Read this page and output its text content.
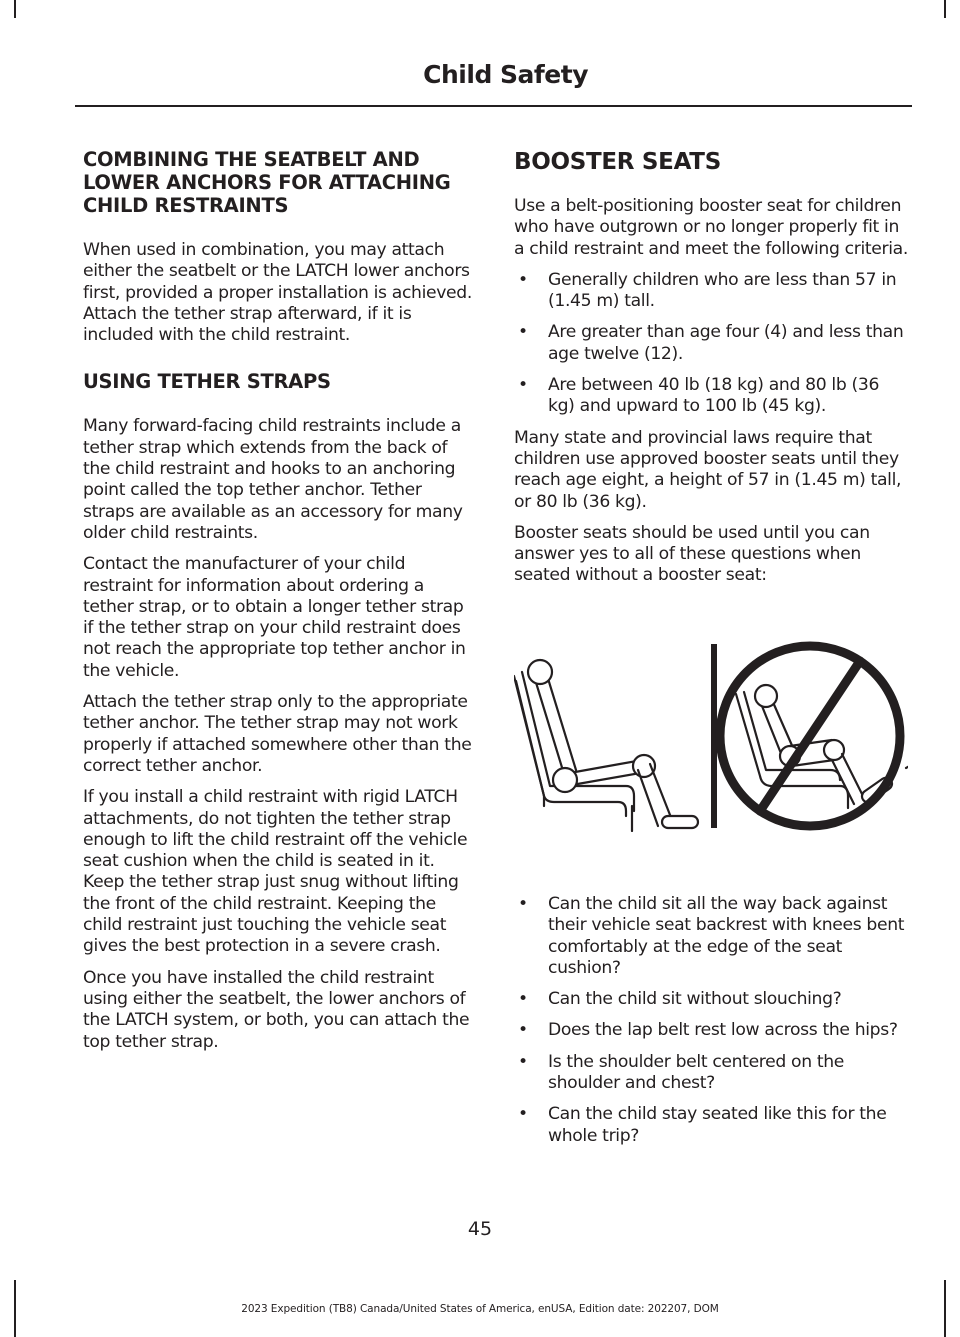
Child Safety
COMBINING THE SEATBELT AND LOWER ANCHORS FOR ATTACHING CHILD RESTRAINTS

When used in combination, you may attach either the seatbelt or the LATCH lower anchors first, provided a proper installation is achieved. Attach the tether strap afterward, if it is included with the child restraint.

USING TETHER STRAPS

Many forward-facing child restraints include a tether strap which extends from the back of the child restraint and hooks to an anchoring point called the top tether anchor. Tether straps are available as an accessory for many older child restraints.

Contact the manufacturer of your child restraint for information about ordering a tether strap, or to obtain a longer tether strap if the tether strap on your child restraint does not reach the appropriate top tether anchor in the vehicle.

Attach the tether strap only to the appropriate tether anchor. The tether strap may not work properly if attached somewhere other than the correct tether anchor.

If you install a child restraint with rigid LATCH attachments, do not tighten the tether strap enough to lift the child restraint off the vehicle seat cushion when the child is seated in it. Keep the tether strap just snug without lifting the front of the child restraint. Keeping the child restraint just touching the vehicle seat gives the best protection in a severe crash.

Once you have installed the child restraint using either the seatbelt, the lower anchors of the LATCH system, or both, you can attach the top tether strap.

BOOSTER SEATS

Use a belt-positioning booster seat for children who have outgrown or no longer properly fit in a child restraint and meet the following criteria.

• Generally children who are less than 57 in (1.45 m) tall.
• Are greater than age four (4) and less than age twelve (12).
• Are between 40 lb (18 kg) and 80 lb (36 kg) and upward to 100 lb (45 kg).

Many state and provincial laws require that children use approved booster seats until they reach age eight, a height of 57 in (1.45 m) tall, or 80 lb (36 kg).

Booster seats should be used until you can answer yes to all of these questions when seated without a booster seat:

• Can the child sit all the way back against their vehicle seat backrest with knees bent comfortably at the edge of the seat cushion?
• Can the child sit without slouching?
• Does the lap belt rest low across the hips?
• Is the shoulder belt centered on the shoulder and chest?
• Can the child stay seated like this for the whole trip?
45
2023 Expedition (TB8) Canada/United States of America, enUSA, Edition date: 202207, DOM
